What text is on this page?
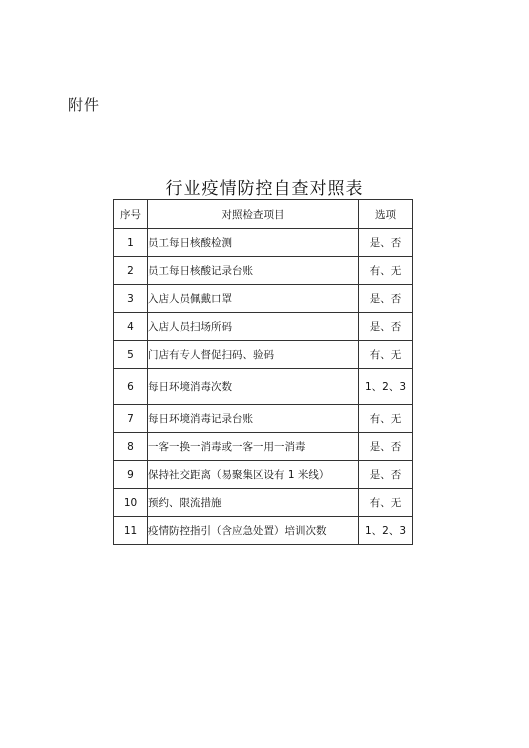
附件
行业疫情防控自查对照表
序号	对照检查项目	选项
1	员工每日核酸检测	是、否
2	员工每日核酸记录台账	有、无
3	入店人员佩戴口罩	是、否
4	入店人员扫场所码	是、否
5	门店有专人督促扫码、验码	有、无
6	每日环境消毒次数	1、2、3
7	每日环境消毒记录台账	有、无
8	一客一换一消毒或一客一用一消毒	是、否
9	保持社交距离（易聚集区设有 1 米线）	是、否
10	预约、限流措施	有、无
11	疫情防控指引（含应急处置）培训次数	1、2、3
